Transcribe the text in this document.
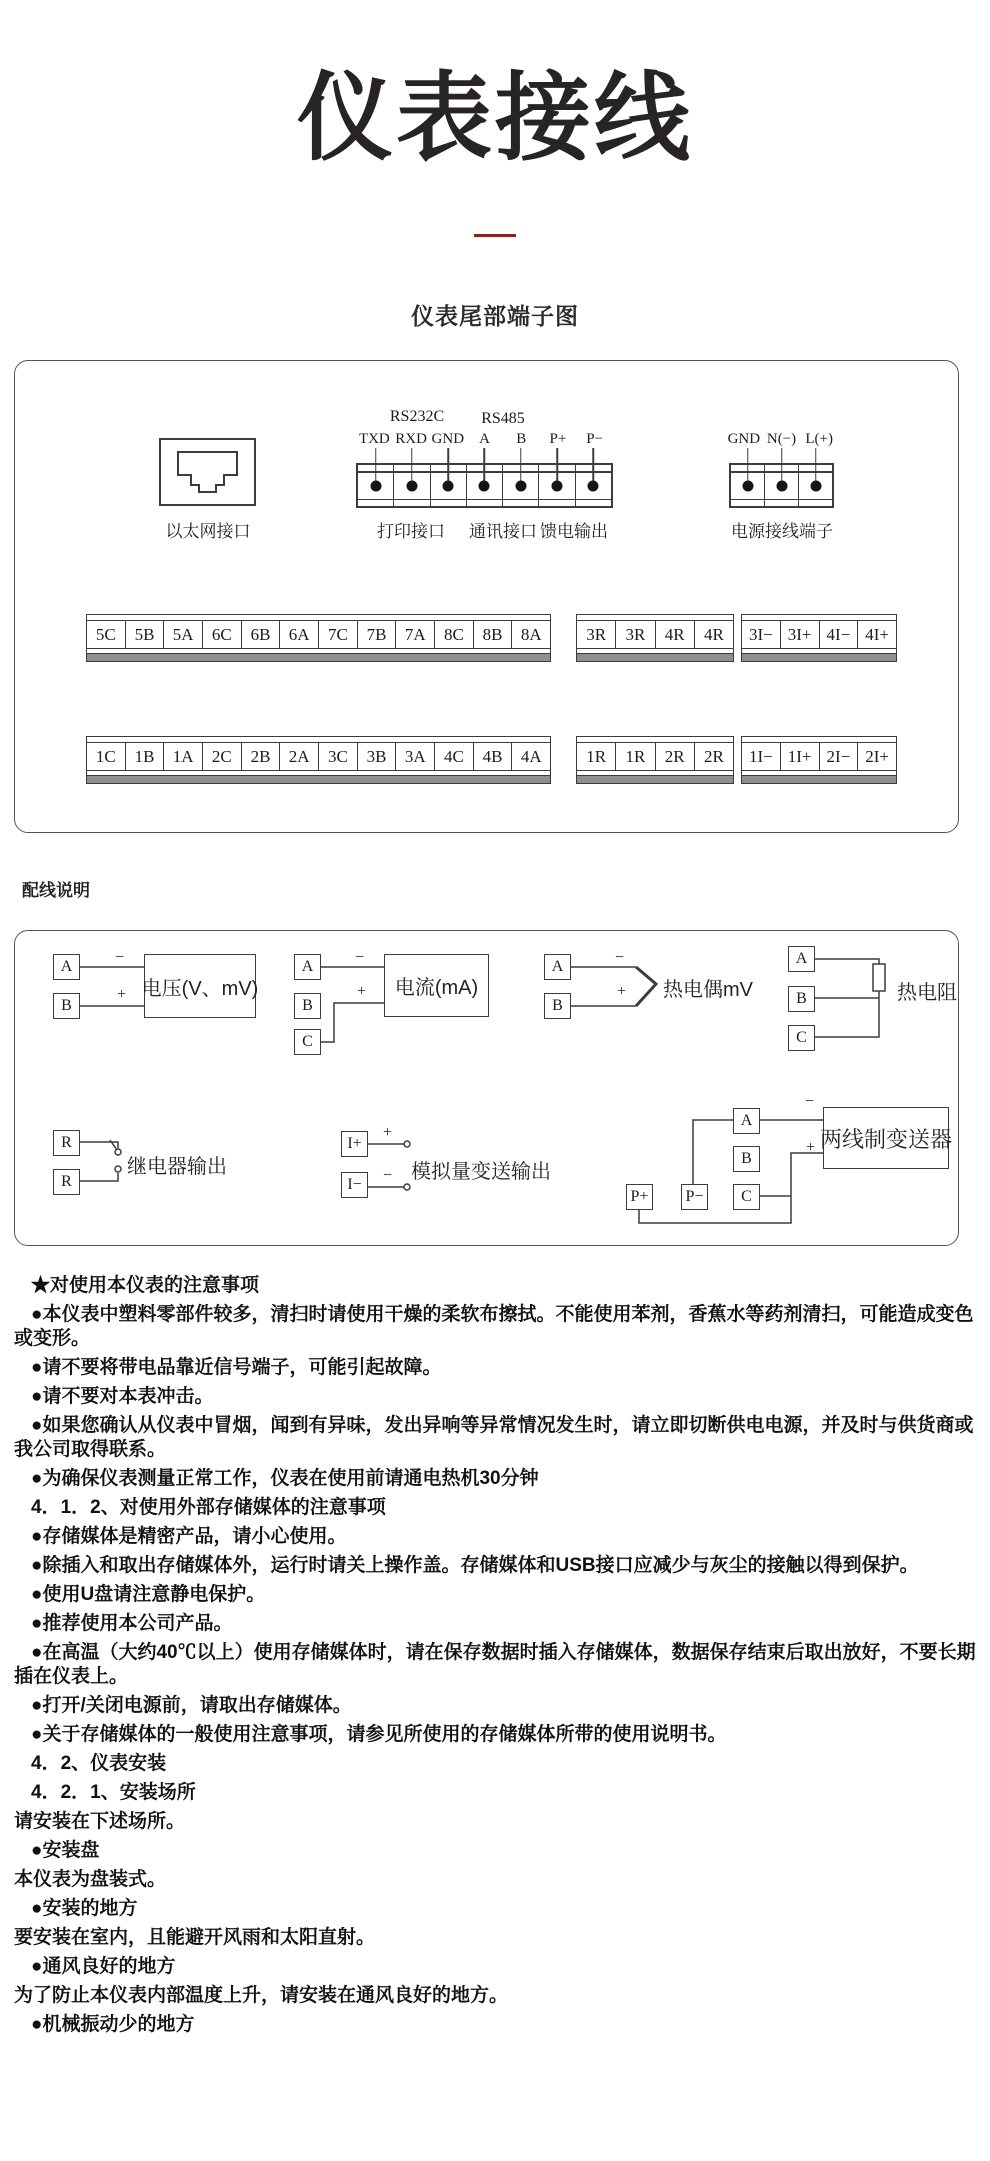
仪表接线
仪表尾部端子图
以太网接口
RS232C	RS485
TXD RXD GND	A	B	P+	P−
打印接口	通讯接口 馈电输出
GND N(−) L(+)
电源接线端子
5C	5B	5A	6C	6B	6A	7C	7B	7A	8C	8B	8A	3R	3R	4R	4R	3I− 3I+ 4I− 4I+
1C	1B	1A	2C	2B	2A	3C	3B	3A	4C	4B	4A	1R	1R	2R	2R	1I− 1I+ 2I− 2I+
配线说明
A
B
−
+ 电压(V、mV)
A
B
C
−
+	电流(mA)
A
B
−
+ 热电偶mV
A
B
C
热电阻
R
R
继电器输出
I+
I−
+
− 模拟量变送输出
P+ P−
A
B
C
−
+ 两线制变送器

★对使用本仪表的注意事项

●本仪表中塑料零部件较多，清扫时请使用干燥的柔软布擦拭。不能使用苯剂，香蕉水等药剂清扫，可能造成变色或变形。

●请不要将带电品靠近信号端子，可能引起故障。

●请不要对本表冲击。

●如果您确认从仪表中冒烟，闻到有异味，发出异响等异常情况发生时，请立即切断供电电源，并及时与供货商或我公司取得联系。

●为确保仪表测量正常工作，仪表在使用前请通电热机30分钟

4．1．2、对使用外部存储媒体的注意事项

●存储媒体是精密产品，请小心使用。

●除插入和取出存储媒体外，运行时请关上操作盖。存储媒体和USB接口应减少与灰尘的接触以得到保护。

●使用U盘请注意静电保护。

●推荐使用本公司产品。

●在高温（大约40℃以上）使用存储媒体时，请在保存数据时插入存储媒体，数据保存结束后取出放好，不要长期插在仪表上。

●打开/关闭电源前，请取出存储媒体。

●关于存储媒体的一般使用注意事项，请参见所使用的存储媒体所带的使用说明书。

4．2、仪表安装

4．2．1、安装场所

请安装在下述场所。

●安装盘

本仪表为盘装式。

●安装的地方

要安装在室内，且能避开风雨和太阳直射。

●通风良好的地方

为了防止本仪表内部温度上升，请安装在通风良好的地方。

●机械振动少的地方
